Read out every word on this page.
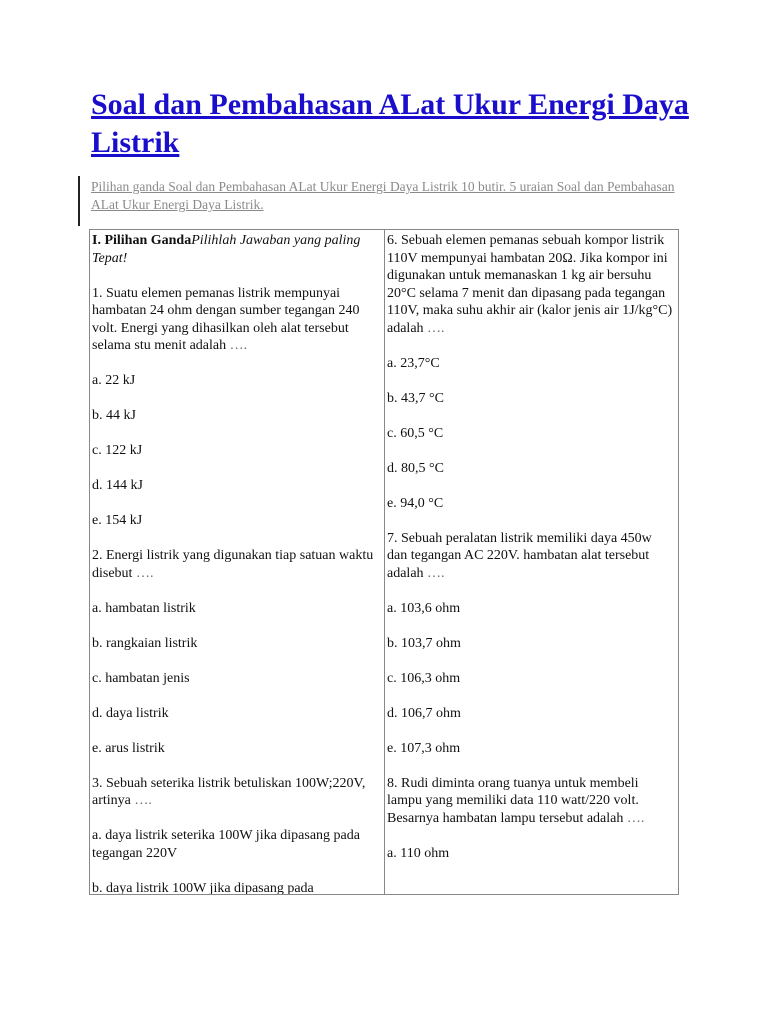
Soal dan Pembahasan ALat Ukur Energi Daya Listrik
Pilihan ganda Soal dan Pembahasan ALat Ukur Energi Daya Listrik 10 butir. 5 uraian Soal dan Pembahasan ALat Ukur Energi Daya Listrik.
I. Pilihan GandaPilihlah Jawaban yang paling Tepat!
1. Suatu elemen pemanas listrik mempunyai hambatan 24 ohm dengan sumber tegangan 240 volt. Energi yang dihasilkan oleh alat tersebut selama stu menit adalah ….
a. 22 kJ
b. 44 kJ
c. 122 kJ
d. 144 kJ
e. 154 kJ
2. Energi listrik yang digunakan tiap satuan waktu disebut ….
a. hambatan listrik
b. rangkaian listrik
c. hambatan jenis
d. daya listrik
e. arus listrik
3. Sebuah seterika listrik betuliskan 100W;220V, artinya ….
a. daya listrik seterika 100W jika dipasang pada tegangan 220V
b. daya listrik 100W jika dipasang pada
6. Sebuah elemen pemanas sebuah kompor listrik 110V mempunyai hambatan 20Ω. Jika kompor ini digunakan untuk memanaskan 1 kg air bersuhu 20°C selama 7 menit dan dipasang pada tegangan 110V, maka suhu akhir air (kalor jenis air 1J/kg°C) adalah ….
a. 23,7°C
b. 43,7 °C
c. 60,5 °C
d. 80,5 °C
e. 94,0 °C
7. Sebuah peralatan listrik memiliki daya 450w dan tegangan AC 220V. hambatan alat tersebut adalah ….
a. 103,6 ohm
b. 103,7 ohm
c. 106,3 ohm
d. 106,7 ohm
e. 107,3 ohm
8. Rudi diminta orang tuanya untuk membeli lampu yang memiliki data 110 watt/220 volt. Besarnya hambatan lampu tersebut adalah ….
a. 110 ohm
